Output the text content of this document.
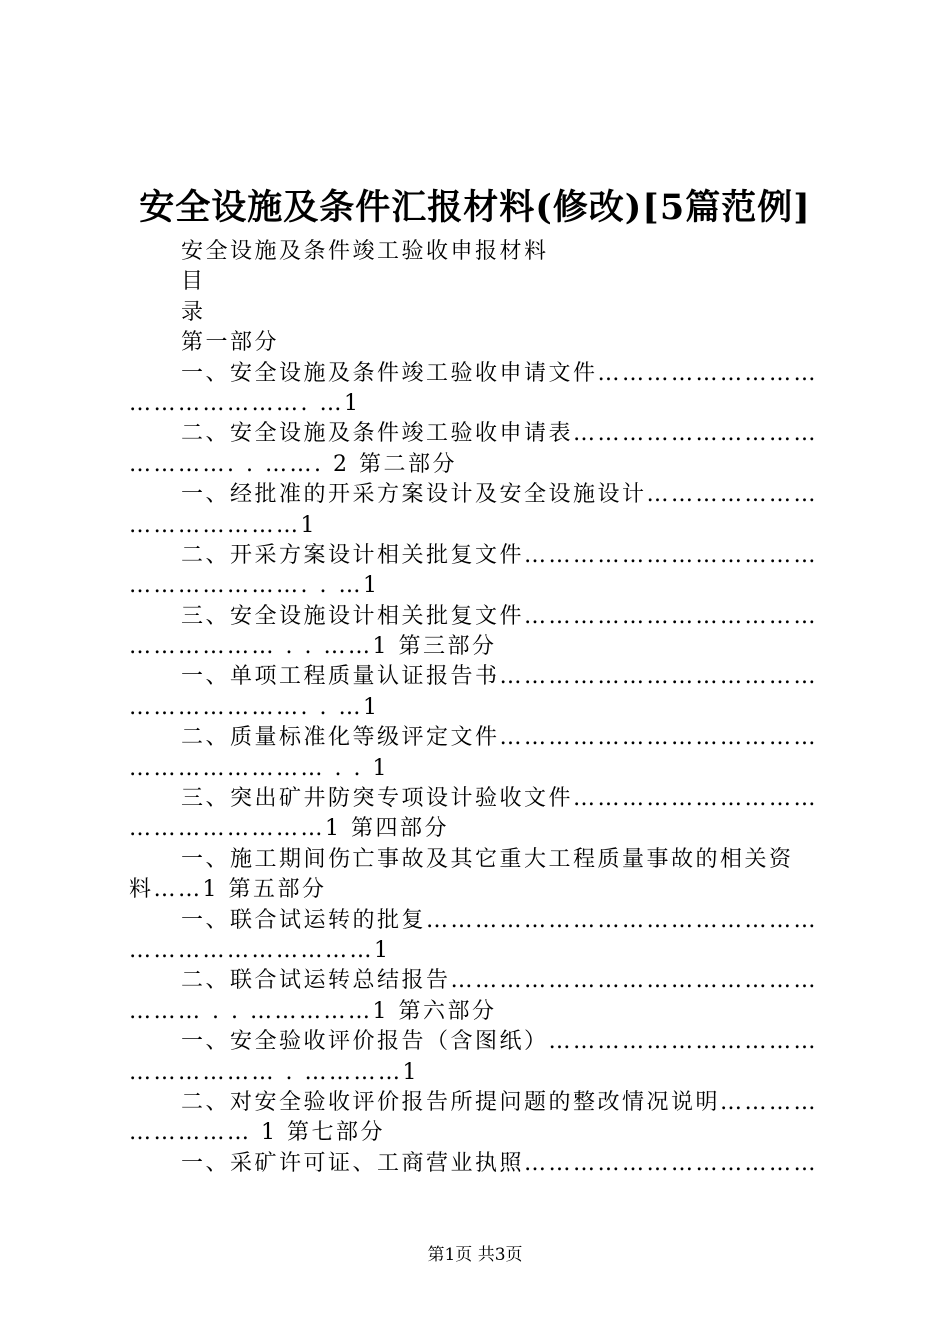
安全设施及条件汇报材料(修改)[5篇范例]
安全设施及条件竣工验收申报材料
目
录
第一部分
一、安全设施及条件竣工验收申请文件………………………
…………………. …1
二、安全设施及条件竣工验收申请表…………………………
…………. . ……. 2 第二部分
一、经批准的开采方案设计及安全设施设计…………………
…………………1
二、开采方案设计相关批复文件………………………………
…………………. . …1
三、安全设施设计相关批复文件………………………………
……………… . . ……1 第三部分
一、单项工程质量认证报告书…………………………………
…………………. . …1
二、质量标准化等级评定文件…………………………………
…………………… . . 1
三、突出矿井防突专项设计验收文件…………………………
……………………1 第四部分
一、施工期间伤亡事故及其它重大工程质量事故的相关资
料……1 第五部分
一、联合试运转的批复…………………………………………
…………………………1
二、联合试运转总结报告………………………………………
……… . . ……………1 第六部分
一、安全验收评价报告（含图纸）……………………………
……………… . …………1
二、对安全验收评价报告所提问题的整改情况说明…………
…………… 1 第七部分
一、采矿许可证、工商营业执照………………………………
第1页 共3页
